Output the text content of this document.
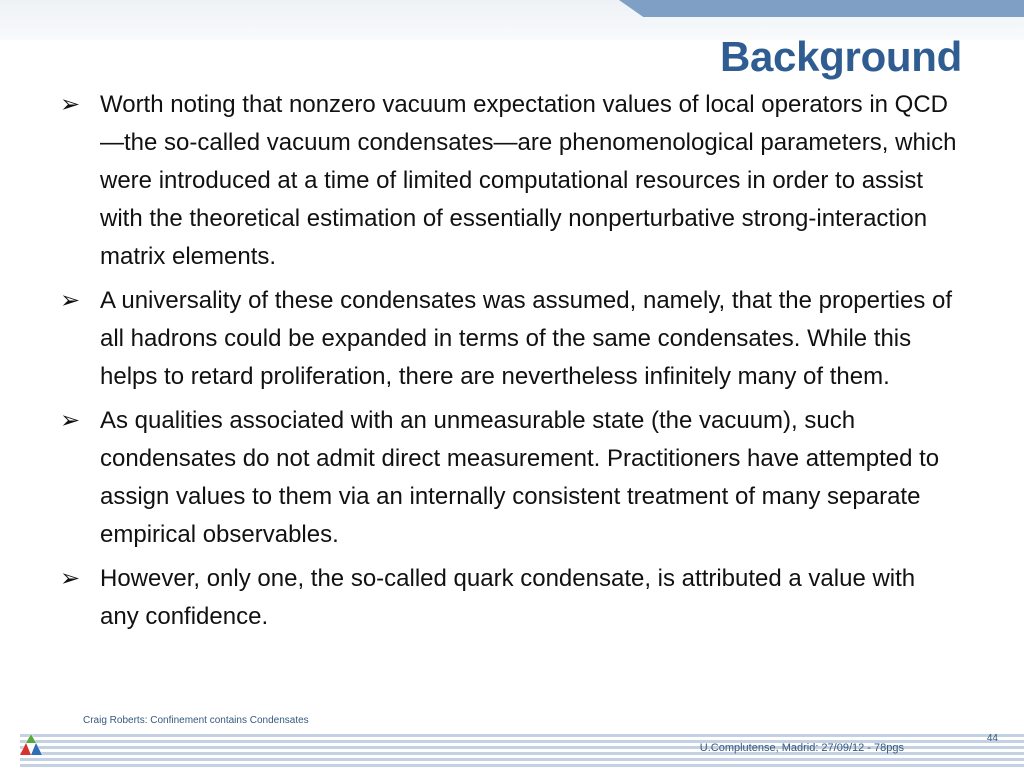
Background
➢ Worth noting that nonzero vacuum expectation values of local operators in QCD—the so-called vacuum condensates—are phenomenological parameters, which were introduced at a time of limited computational resources in order to assist with the theoretical estimation of essentially nonperturbative strong-interaction matrix elements.
➢ A universality of these condensates was assumed, namely, that the properties of all hadrons could be expanded in terms of the same condensates. While this helps to retard proliferation, there are nevertheless infinitely many of them.
➢ As qualities associated with an unmeasurable state (the vacuum), such condensates do not admit direct measurement. Practitioners have attempted to assign values to them via an internally consistent treatment of many separate empirical observables.
➢ However, only one, the so-called quark condensate, is attributed a value with any confidence.
Craig Roberts: Confinement contains Condensates
U.Complutense, Madrid: 27/09/12 - 78pgs
44
